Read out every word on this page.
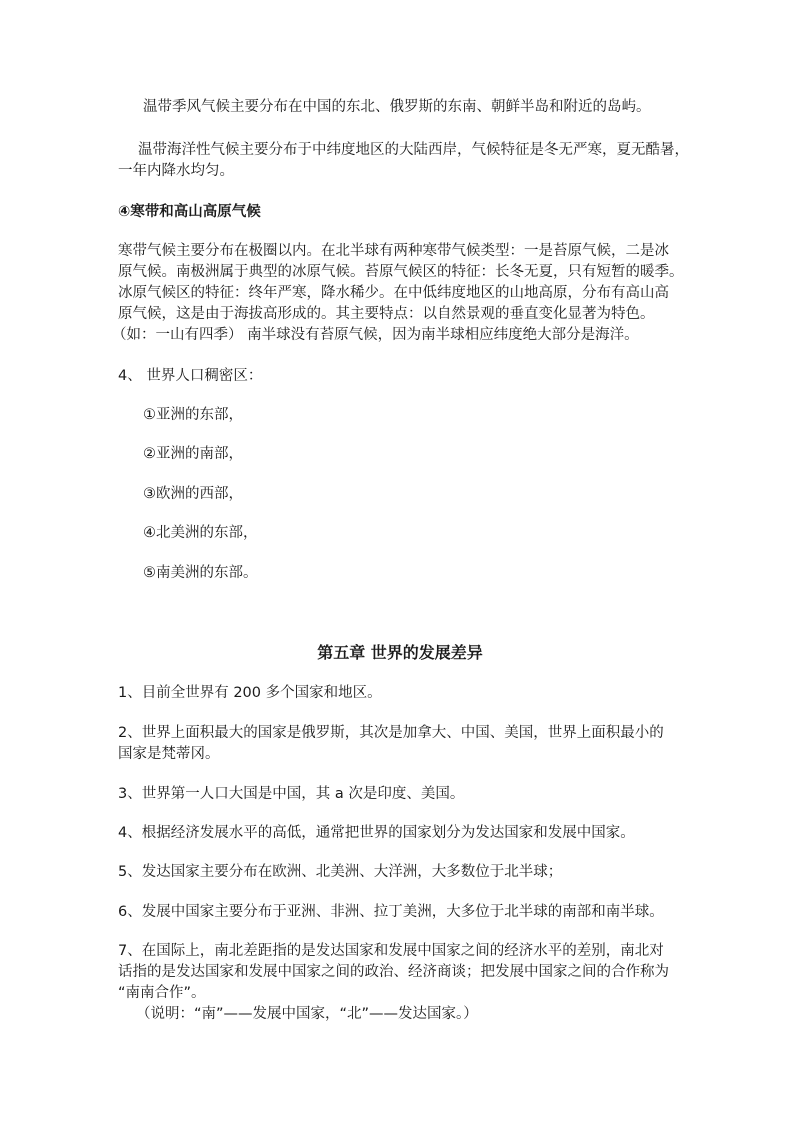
温带季风气候主要分布在中国的东北、俄罗斯的东南、朝鲜半岛和附近的岛屿。

温带海洋性气候主要分布于中纬度地区的大陆西岸，气候特征是冬无严寒，夏无酷暑，一年内降水均匀。

④寒带和高山高原气候

寒带气候主要分布在极圈以内。在北半球有两种寒带气候类型：一是苔原气候，二是冰

原气候。南极洲属于典型的冰原气候。苔原气候区的特征：长冬无夏，只有短暂的暖季。

冰原气候区的特征：终年严寒，降水稀少。在中低纬度地区的山地高原，分布有高山高

原气候，这是由于海拔高形成的。其主要特点：以自然景观的垂直变化显著为特色。

（如：一山有四季） 南半球没有苔原气候，因为南半球相应纬度绝大部分是海洋。

4、 世界人口稠密区：

①亚洲的东部，

②亚洲的南部，

③欧洲的西部，

④北美洲的东部，

⑤南美洲的东部。

第五章 世界的发展差异

1、目前全世界有 200 多个国家和地区。

2、世界上面积最大的国家是俄罗斯，其次是加拿大、中国、美国，世界上面积最小的

国家是梵蒂冈。

3、世界第一人口大国是中国，其 a 次是印度、美国。

4、根据经济发展水平的高低，通常把世界的国家划分为发达国家和发展中国家。

5、发达国家主要分布在欧洲、北美洲、大洋洲，大多数位于北半球；

6、发展中国家主要分布于亚洲、非洲、拉丁美洲，大多位于北半球的南部和南半球。

7、在国际上，南北差距指的是发达国家和发展中国家之间的经济水平的差别，南北对

话指的是发达国家和发展中国家之间的政治、经济商谈；把发展中国家之间的合作称为

“南南合作”。

（说明：“南”——发展中国家，“北”——发达国家。）
